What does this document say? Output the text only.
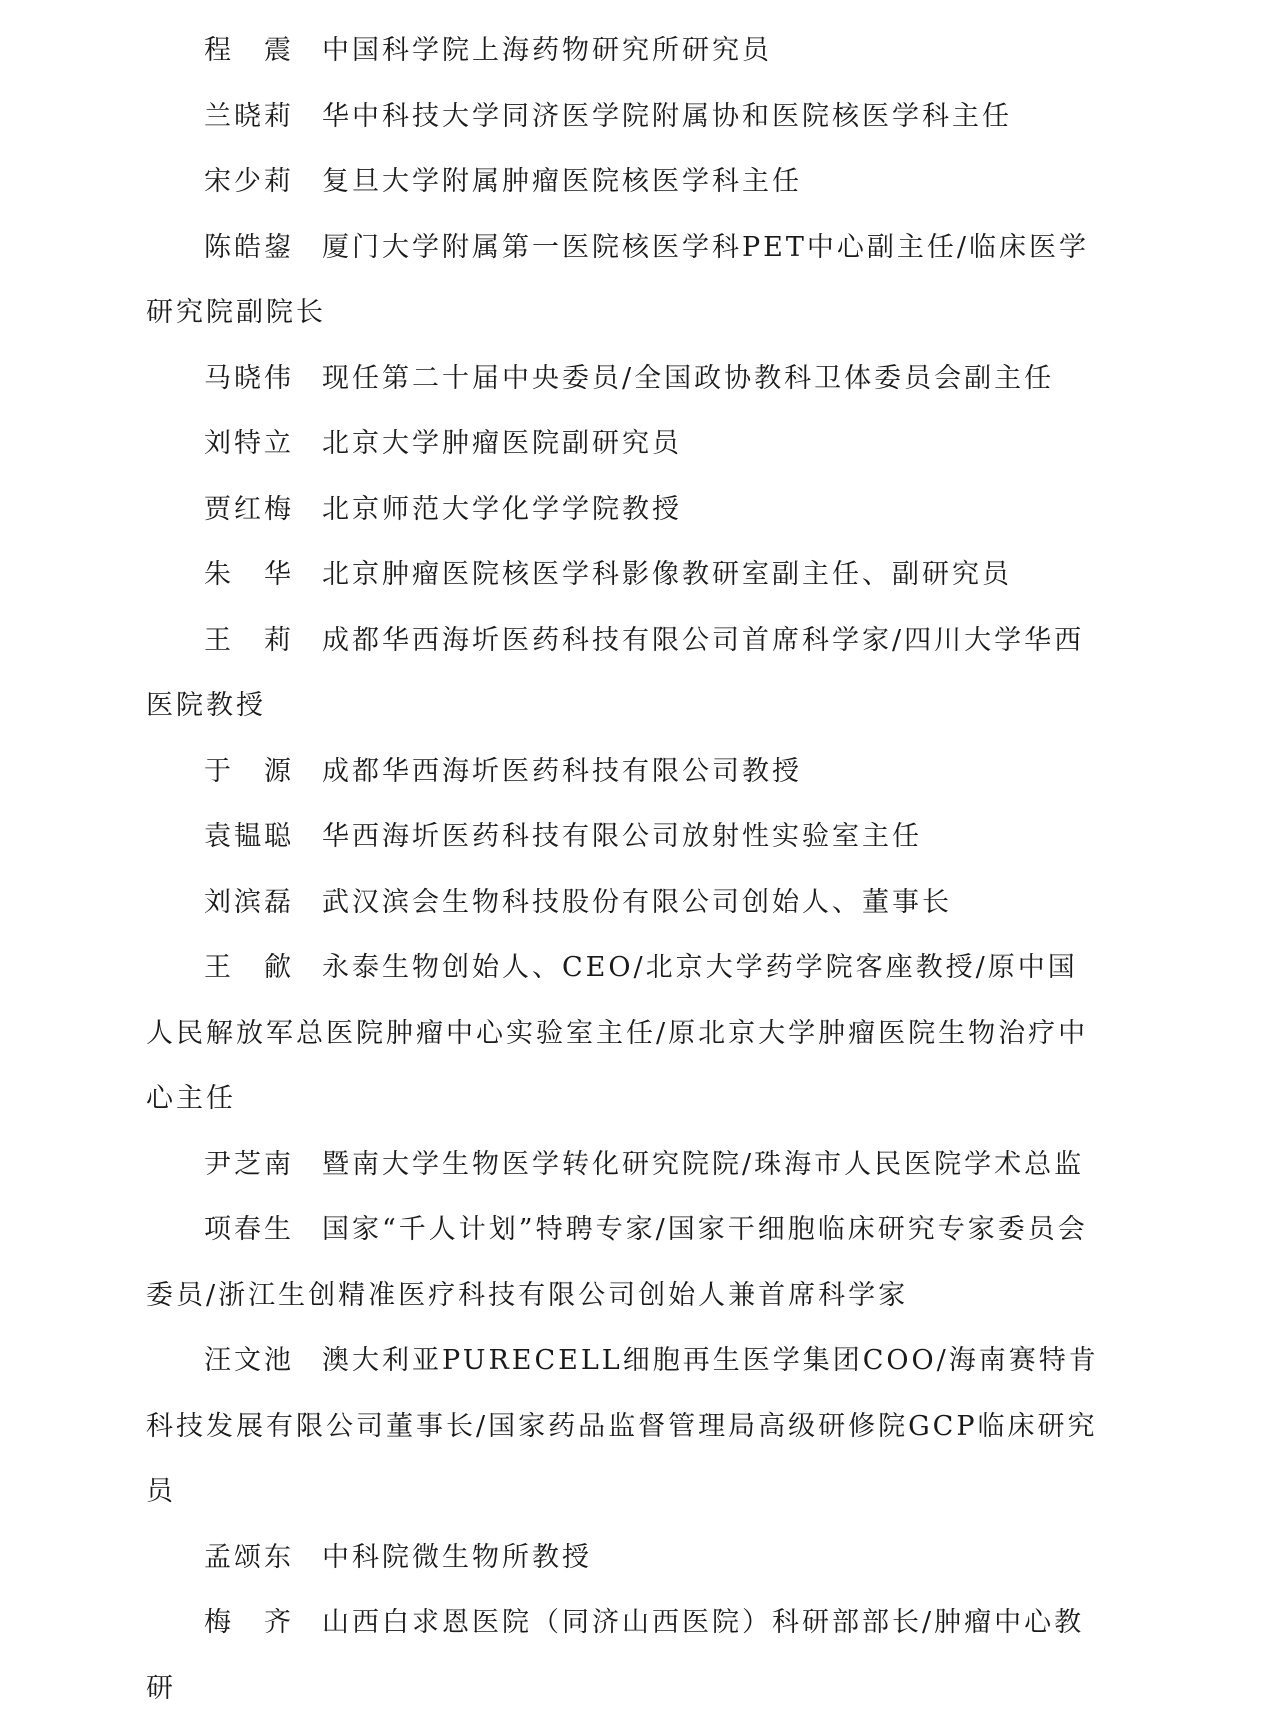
程　震 中国科学院上海药物研究所研究员
兰晓莉 华中科技大学同济医学院附属协和医院核医学科主任
宋少莉 复旦大学附属肿瘤医院核医学科主任
陈皓鋆 厦门大学附属第一医院核医学科PET中心副主任/临床医学研究院副院长
马晓伟 现任第二十届中央委员/全国政协教科卫体委员会副主任
刘特立 北京大学肿瘤医院副研究员
贾红梅 北京师范大学化学学院教授
朱　华 北京肿瘤医院核医学科影像教研室副主任、副研究员
王　莉 成都华西海圻医药科技有限公司首席科学家/四川大学华西医院教授
于　源 成都华西海圻医药科技有限公司教授
袁韫聪 华西海圻医药科技有限公司放射性实验室主任
刘滨磊 武汉滨会生物科技股份有限公司创始人、董事长
王　歈 永泰生物创始人、CEO/北京大学药学院客座教授/原中国人民解放军总医院肿瘤中心实验室主任/原北京大学肿瘤医院生物治疗中心主任
尹芝南 暨南大学生物医学转化研究院院/珠海市人民医院学术总监
项春生 国家“千人计划”特聘专家/国家干细胞临床研究专家委员会委员/浙江生创精准医疗科技有限公司创始人兼首席科学家
汪文池 澳大利亚PURECELL细胞再生医学集团COO/海南赛特肯科技发展有限公司董事长/国家药品监督管理局高级研修院GCP临床研究员
孟颂东 中科院微生物所教授
梅　齐 山西白求恩医院（同济山西医院）科研部部长/肿瘤中心教研
